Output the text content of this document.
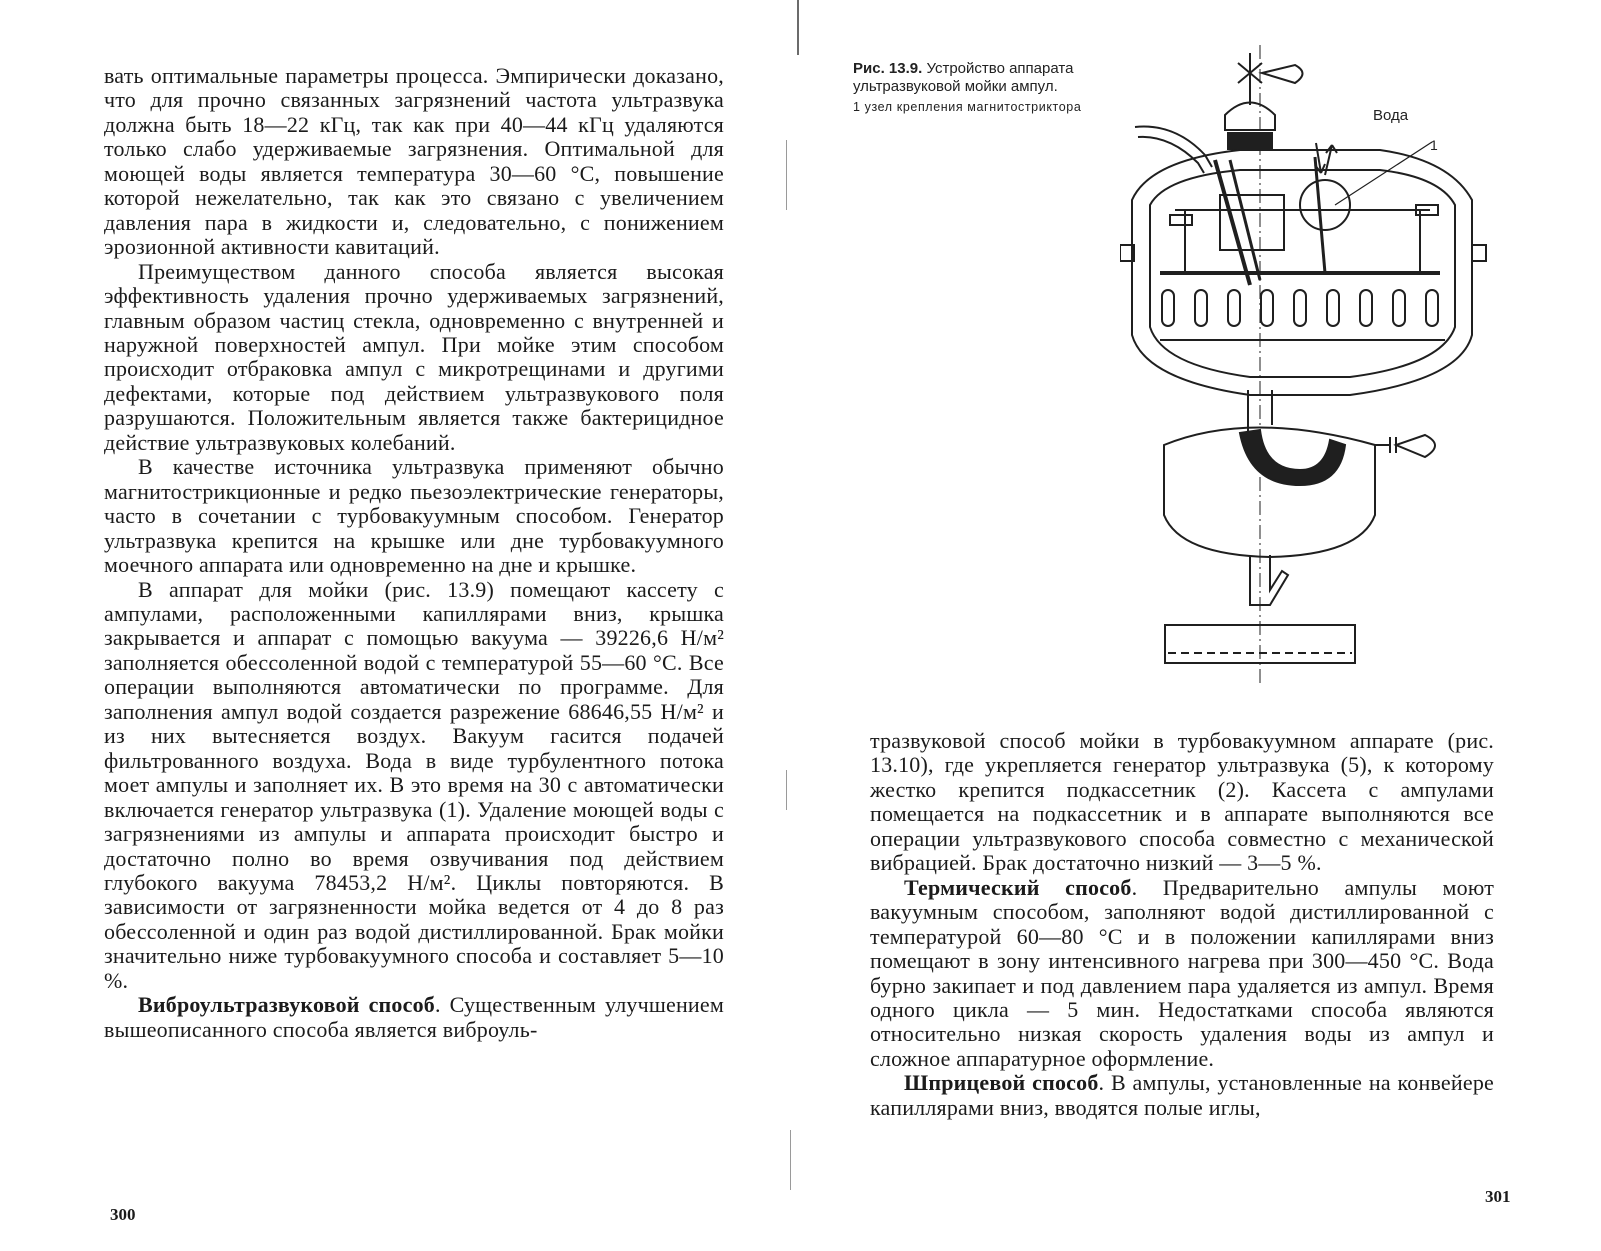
вать оптимальные параметры процесса. Эмпирически доказано, что для прочно связанных загрязнений частота ультразвука должна быть 18—22 кГц, так как при 40—44 кГц удаляются только слабо удерживаемые загрязнения. Оптимальной для моющей воды является температура 30—60 °С, повышение которой нежелательно, так как это связано с увеличением давления пара в жидкости и, следовательно, с понижением эрозионной активности кавитаций.

Преимуществом данного способа является высокая эффективность удаления прочно удерживаемых загрязнений, главным образом частиц стекла, одновременно с внутренней и наружной поверхностей ампул. При мойке этим способом происходит отбраковка ампул с микротрещинами и другими дефектами, которые под действием ультразвукового поля разрушаются. Положительным является также бактерицидное действие ультразвуковых колебаний.

В качестве источника ультразвука применяют обычно магнитострикционные и редко пьезоэлектрические генераторы, часто в сочетании с турбовакуумным способом. Генератор ультразвука крепится на крышке или дне турбовакуумного моечного аппарата или одновременно на дне и крышке.

В аппарат для мойки (рис. 13.9) помещают кассету с ампулами, расположенными капиллярами вниз, крышка закрывается и аппарат с помощью вакуума — 39226,6 Н/м² заполняется обессоленной водой с температурой 55—60 °С. Все операции выполняются автоматически по программе. Для заполнения ампул водой создается разрежение 68646,55 Н/м² и из них вытесняется воздух. Вакуум гасится подачей фильтрованного воздуха. Вода в виде турбулентного потока моет ампулы и заполняет их. В это время на 30 с автоматически включается генератор ультразвука (1). Удаление моющей воды с загрязнениями из ампулы и аппарата происходит быстро и достаточно полно во время озвучивания под действием глубокого вакуума 78453,2 Н/м². Циклы повторяются. В зависимости от загрязненности мойка ведется от 4 до 8 раз обессоленной и один раз водой дистиллированной. Брак мойки значительно ниже турбовакуумного способа и составляет 5—10 %.

Виброультразвуковой способ. Существенным улучшением вышеописанного способа является виброуль-

300
Рис. 13.9. Устройство аппарата ультразвуковой мойки ампул.
1 узел крепления магнитострикторa	Вода
1

тразвуковой способ мойки в турбовакуумном аппарате (рис. 13.10), где укрепляется генератор ультразвука (5), к которому жестко крепится подкассетник (2). Кассета с ампулами помещается на подкассетник и в аппарате выполняются все операции ультразвукового способа совместно с механической вибрацией. Брак достаточно низкий — 3—5 %.

Термический способ. Предварительно ампулы моют вакуумным способом, заполняют водой дистиллированной с температурой 60—80 °С и в положении капиллярами вниз помещают в зону интенсивного нагрева при 300—450 °С. Вода бурно закипает и под давлением пара удаляется из ампул. Время одного цикла — 5 мин. Недостатками способа являются относительно низкая скорость удаления воды из ампул и сложное аппаратурное оформление.

Шприцевой способ. В ампулы, установленные на конвейере капиллярами вниз, вводятся полые иглы,

301
